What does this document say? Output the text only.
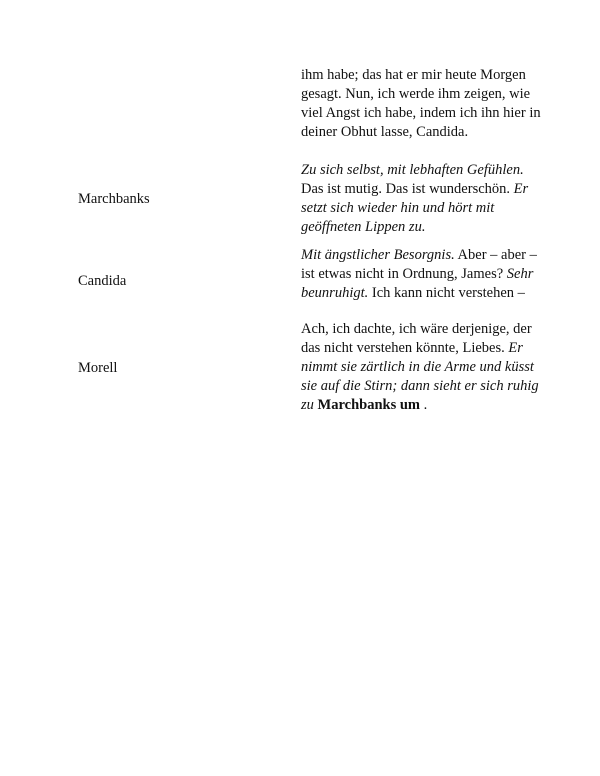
ihm habe; das hat er mir heute Morgen gesagt. Nun, ich werde ihm zeigen, wie viel Angst ich habe, indem ich ihn hier in deiner Obhut lasse, Candida.

Marchbanks

Zu sich selbst, mit lebhaften Gefühlen. Das ist mutig. Das ist wunderschön. Er setzt sich wieder hin und hört mit geöffneten Lippen zu.

Candida

Mit ängstlicher Besorgnis. Aber – aber – ist etwas nicht in Ordnung, James? Sehr beunruhigt. Ich kann nicht verstehen –

Morell

Ach, ich dachte, ich wäre derjenige, der das nicht verstehen könnte, Liebes. Er nimmt sie zärtlich in die Arme und küsst sie auf die Stirn; dann sieht er sich ruhig zu Marchbanks um .
